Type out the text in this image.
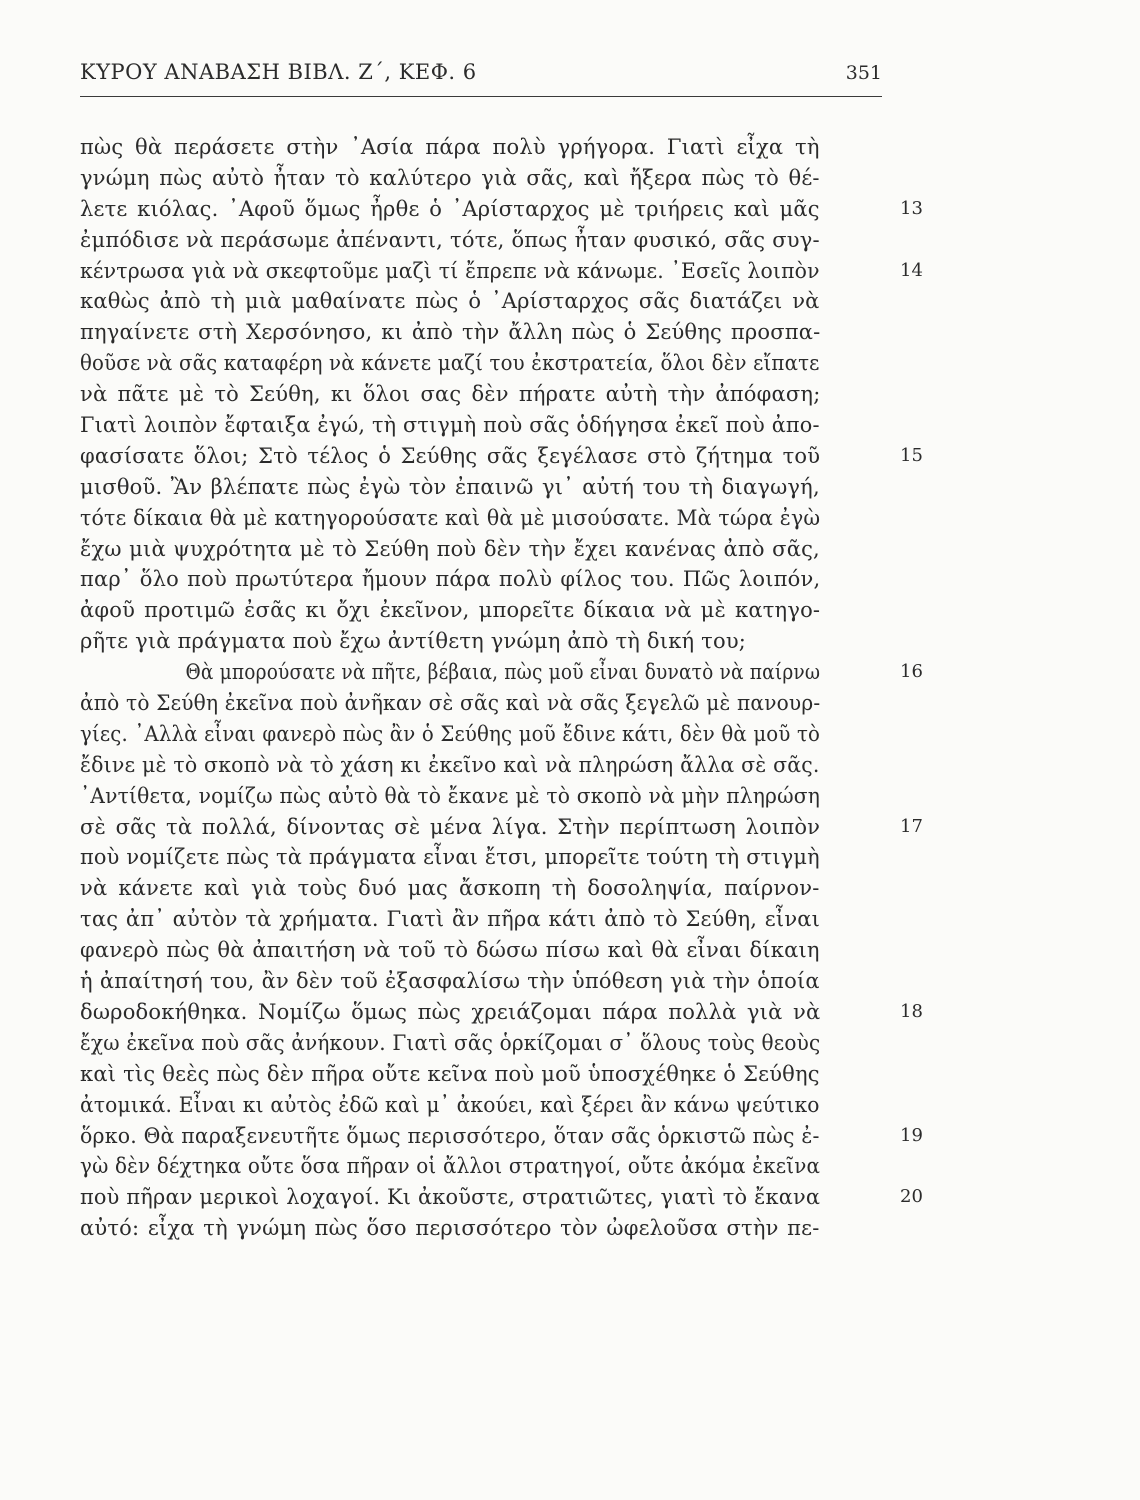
ΚΥΡΟΥ ΑΝΑΒΑΣΗ ΒΙΒΛ. Ζ΄, ΚΕΦ. 6	351
πὼς θὰ περάσετε στὴν ᾿Ασία πάρα πολὺ γρήγορα. Γιατὶ εἶχα τὴ
γνώμη πὼς αὐτὸ ἦταν τὸ καλύτερο γιὰ σᾶς, καὶ ἤξερα πὼς τὸ θέ-
λετε κιόλας. ᾿Αφοῦ ὅμως ἦρθε ὁ ᾿Αρίσταρχος μὲ τριήρεις καὶ μᾶς	13
ἐμπόδισε νὰ περάσωμε ἀπέναντι, τότε, ὅπως ἦταν φυσικό, σᾶς συγ-
κέντρωσα γιὰ νὰ σκεφτοῦμε μαζὶ τί ἔπρεπε νὰ κάνωμε. ᾿Εσεῖς λοιπὸν	14
καθὼς ἀπὸ τὴ μιὰ μαθαίνατε πὼς ὁ ᾿Αρίσταρχος σᾶς διατάζει νὰ
πηγαίνετε στὴ Χερσόνησο, κι ἀπὸ τὴν ἄλλη πὼς ὁ Σεύθης προσπα-
θοῦσε νὰ σᾶς καταφέρη νὰ κάνετε μαζί του ἐκστρατεία, ὅλοι δὲν εἴπατε
νὰ πᾶτε μὲ τὸ Σεύθη, κι ὅλοι σας δὲν πήρατε αὐτὴ τὴν ἀπόφαση;
Γιατὶ λοιπὸν ἔφταιξα ἐγώ, τὴ στιγμὴ ποὺ σᾶς ὁδήγησα ἐκεῖ ποὺ ἀπο-
φασίσατε ὅλοι; Στὸ τέλος ὁ Σεύθης σᾶς ξεγέλασε στὸ ζήτημα τοῦ	15
μισθοῦ. Ἂν βλέπατε πὼς ἐγὼ τὸν ἐπαινῶ γι᾿ αὐτή του τὴ διαγωγή,
τότε δίκαια θὰ μὲ κατηγορούσατε καὶ θὰ μὲ μισούσατε. Μὰ τώρα ἐγὼ
ἔχω μιὰ ψυχρότητα μὲ τὸ Σεύθη ποὺ δὲν τὴν ἔχει κανένας ἀπὸ σᾶς,
παρ᾿ ὅλο ποὺ πρωτύτερα ἤμουν πάρα πολὺ φίλος του. Πῶς λοιπόν,
ἀφοῦ προτιμῶ ἐσᾶς κι ὄχι ἐκεῖνον, μπορεῖτε δίκαια νὰ μὲ κατηγο-
ρῆτε γιὰ πράγματα ποὺ ἔχω ἀντίθετη γνώμη ἀπὸ τὴ δική του;
Θὰ μπορούσατε νὰ πῆτε, βέβαια, πὼς μοῦ εἶναι δυνατὸ νὰ παίρνω	16
ἀπὸ τὸ Σεύθη ἐκεῖνα ποὺ ἀνῆκαν σὲ σᾶς καὶ νὰ σᾶς ξεγελῶ μὲ πανουρ-
γίες. ᾿Αλλὰ εἶναι φανερὸ πὼς ἂν ὁ Σεύθης μοῦ ἔδινε κάτι, δὲν θὰ μοῦ τὸ
ἔδινε μὲ τὸ σκοπὸ νὰ τὸ χάση κι ἐκεῖνο καὶ νὰ πληρώση ἄλλα σὲ σᾶς.
᾿Αντίθετα, νομίζω πὼς αὐτὸ θὰ τὸ ἔκανε μὲ τὸ σκοπὸ νὰ μὴν πληρώση
σὲ σᾶς τὰ πολλά, δίνοντας σὲ μένα λίγα. Στὴν περίπτωση λοιπὸν	17
ποὺ νομίζετε πὼς τὰ πράγματα εἶναι ἔτσι, μπορεῖτε τούτη τὴ στιγμὴ
νὰ κάνετε καὶ γιὰ τοὺς δυό μας ἄσκοπη τὴ δοσοληψία, παίρνον-
τας ἀπ᾿ αὐτὸν τὰ χρήματα. Γιατὶ ἂν πῆρα κάτι ἀπὸ τὸ Σεύθη, εἶναι
φανερὸ πὼς θὰ ἀπαιτήση νὰ τοῦ τὸ δώσω πίσω καὶ θὰ εἶναι δίκαιη
ἡ ἀπαίτησή του, ἂν δὲν τοῦ ἐξασφαλίσω τὴν ὑπόθεση γιὰ τὴν ὁποία
δωροδοκήθηκα. Νομίζω ὅμως πὼς χρειάζομαι πάρα πολλὰ γιὰ νὰ	18
ἔχω ἐκεῖνα ποὺ σᾶς ἀνήκουν. Γιατὶ σᾶς ὁρκίζομαι σ᾿ ὅλους τοὺς θεοὺς
καὶ τὶς θεὲς πὼς δὲν πῆρα οὔτε κεῖνα ποὺ μοῦ ὑποσχέθηκε ὁ Σεύθης
ἀτομικά. Εἶναι κι αὐτὸς ἐδῶ καὶ μ᾿ ἀκούει, καὶ ξέρει ἂν κάνω ψεύτικο
ὅρκο. Θὰ παραξενευτῆτε ὅμως περισσότερο, ὅταν σᾶς ὁρκιστῶ πὼς ἐ-	19
γὼ δὲν δέχτηκα οὔτε ὅσα πῆραν οἱ ἄλλοι στρατηγοί, οὔτε ἀκόμα ἐκεῖνα
ποὺ πῆραν μερικοὶ λοχαγοί. Κι ἀκοῦστε, στρατιῶτες, γιατὶ τὸ ἔκανα	20
αὐτό: εἶχα τὴ γνώμη πὼς ὅσο περισσότερο τὸν ὠφελοῦσα στὴν πε-
